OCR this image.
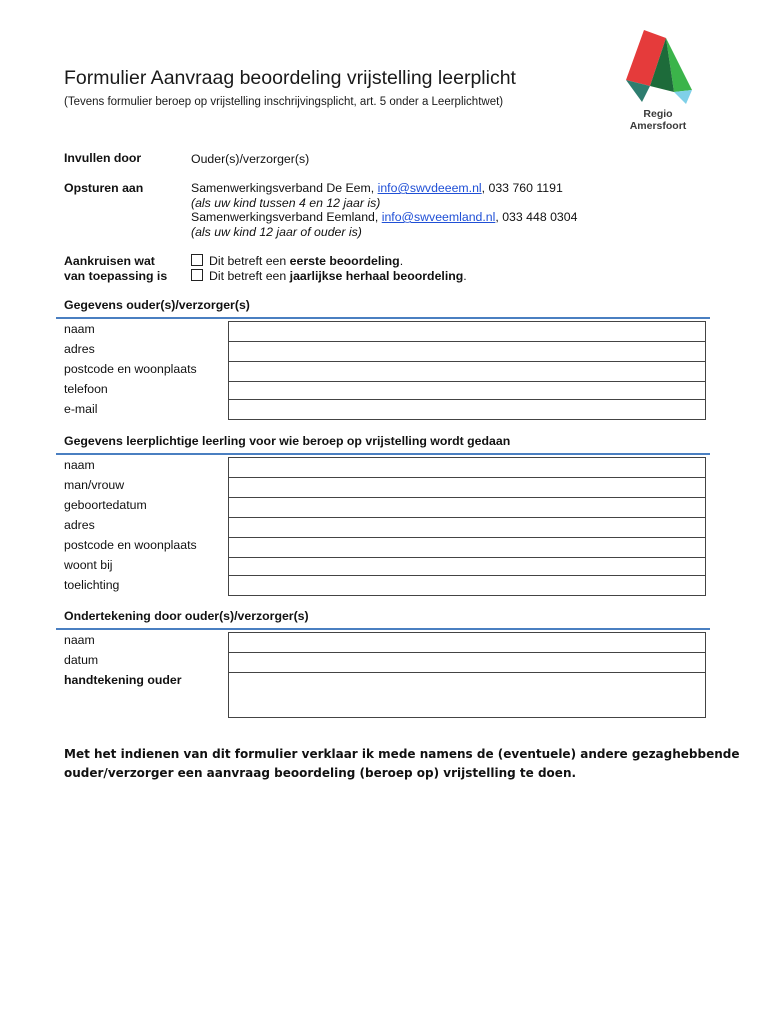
Formulier Aanvraag beoordeling vrijstelling leerplicht
(Tevens formulier beroep op vrijstelling inschrijvingsplicht, art. 5 onder a Leerplichtwet)
Regio
Amersfoort
Invullen door	Ouder(s)/verzorger(s)
Opsturen aan	Samenwerkingsverband De Eem, info@swvdeeem.nl, 033 760 1191
(als uw kind tussen 4 en 12 jaar is)
Samenwerkingsverband Eemland, info@swveemland.nl, 033 448 0304
(als uw kind 12 jaar of ouder is)
Aankruisen wat
van toepassing is
Dit betreft een eerste beoordeling.
Dit betreft een jaarlijkse herhaal beoordeling.
Gegevens ouder(s)/verzorger(s)
naam
adres
postcode en woonplaats
telefoon
e-mail
Gegevens leerplichtige leerling voor wie beroep op vrijstelling wordt gedaan
naam
man/vrouw
geboortedatum
adres
postcode en woonplaats
woont bij
toelichting
Ondertekening door ouder(s)/verzorger(s)
naam
datum
handtekening ouder
Met het indienen van dit formulier verklaar ik mede namens de (eventuele) andere gezaghebbende
ouder/verzorger een aanvraag beoordeling (beroep op) vrijstelling te doen.
